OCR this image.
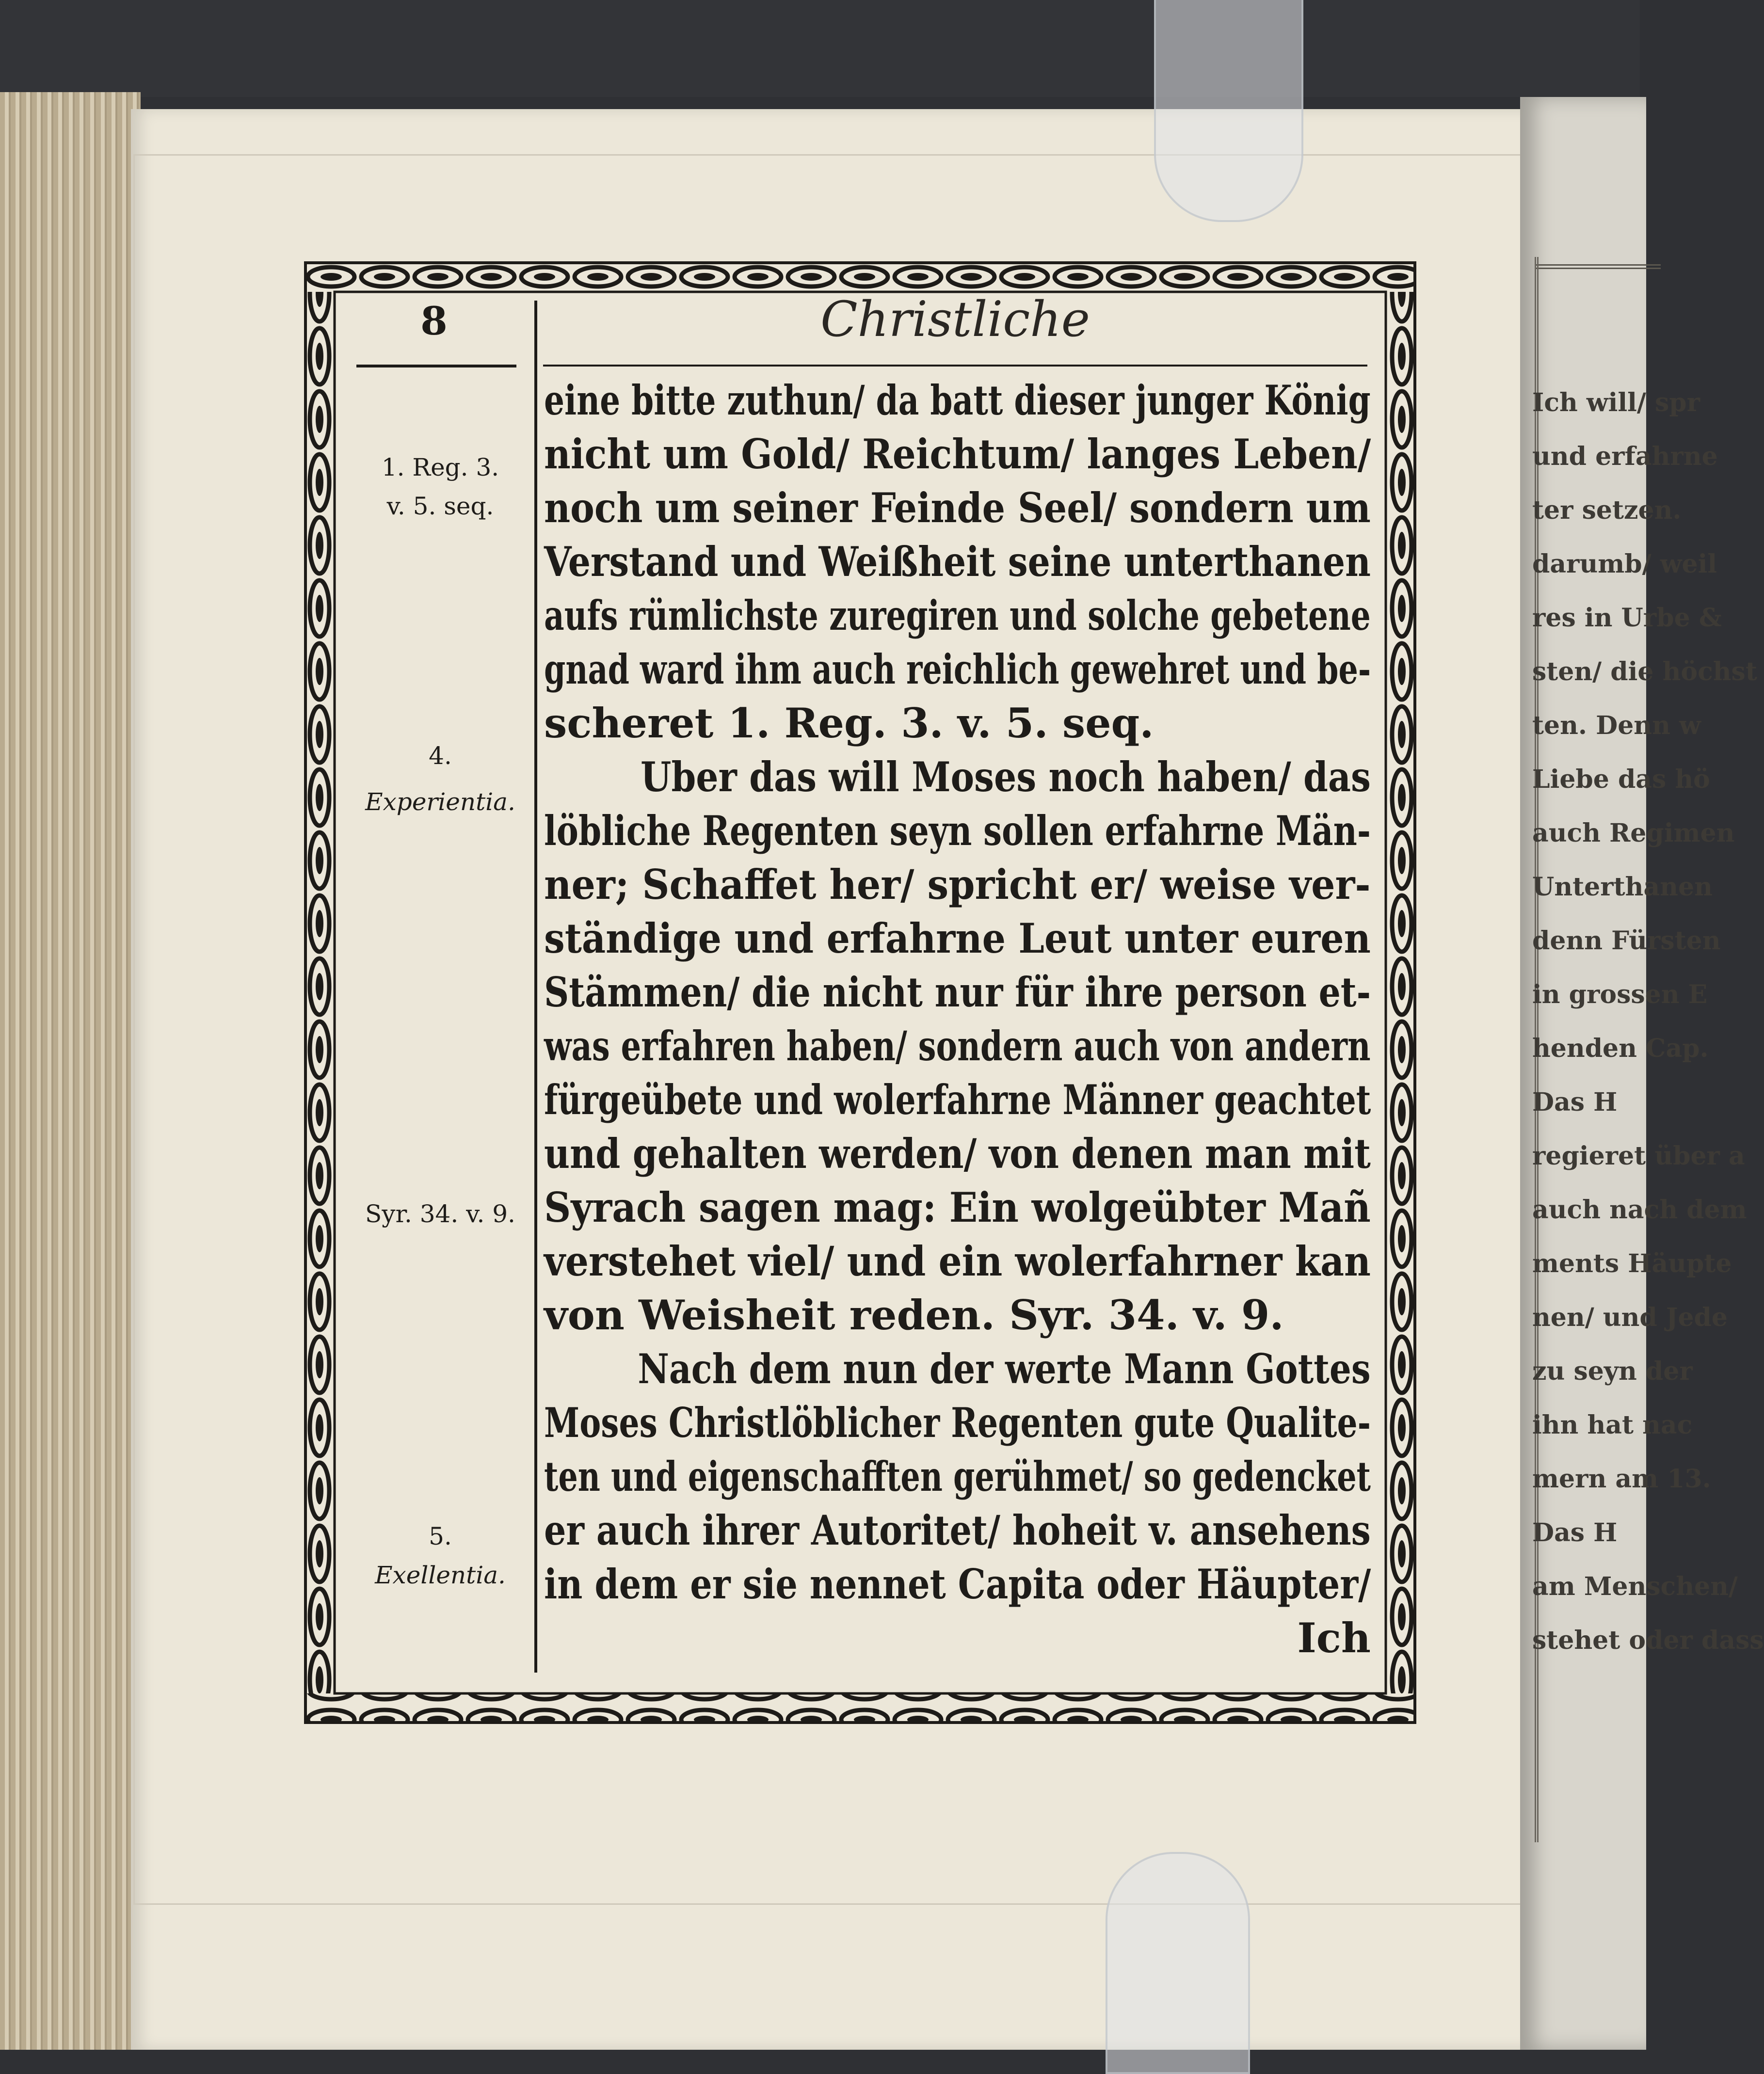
8	Christliche
1. Reg. 3.
v. 5. seq.
4.
Experientia.
Syr. 34. v. 9.
5.
Exellentia.
eine bitte zuthun/ da batt dieser junger König
nicht um Gold/ Reichtum/ langes Leben/
noch um seiner Feinde Seel/ sondern um
Verstand und Weißheit seine unterthanen
aufs rümlichste zuregiren und solche gebetene
gnad ward ihm auch reichlich gewehret und be-
scheret 1. Reg. 3. v. 5. seq.
Uber das will Moses noch haben/ das
löbliche Regenten seyn sollen erfahrne Män-
ner; Schaffet her/ spricht er/ weise ver-
ständige und erfahrne Leut unter euren
Stämmen/ die nicht nur für ihre person et-
was erfahren haben/ sondern auch von andern
fürgeübete und wolerfahrne Männer geachtet
und gehalten werden/ von denen man mit
Syrach sagen mag: Ein wolgeübter Mañ
verstehet viel/ und ein wolerfahrner kan
von Weisheit reden. Syr. 34. v. 9.
Nach dem nun der werte Mann Gottes
Moses Christlöblicher Regenten gute Qualite-
ten und eigenschafften gerühmet/ so gedencket
er auch ihrer Autoritet/ hoheit v. ansehens
in dem er sie nennet Capita oder Häupter/
Ich
Ich will/ spr
und erfahrne
ter setzen.
darumb/ weil
res in Urbe &
sten/ die höchst
ten. Denn w
Liebe das hö
auch Regimen
Unterthanen
denn Fürsten
in grossen E
henden Cap.
Das H
regieret über a
auch nach dem
ments Häupte
nen/ und Jede
zu seyn der
ihn hat nac
mern am 13.
Das H
am Menschen/
stehet oder dass
